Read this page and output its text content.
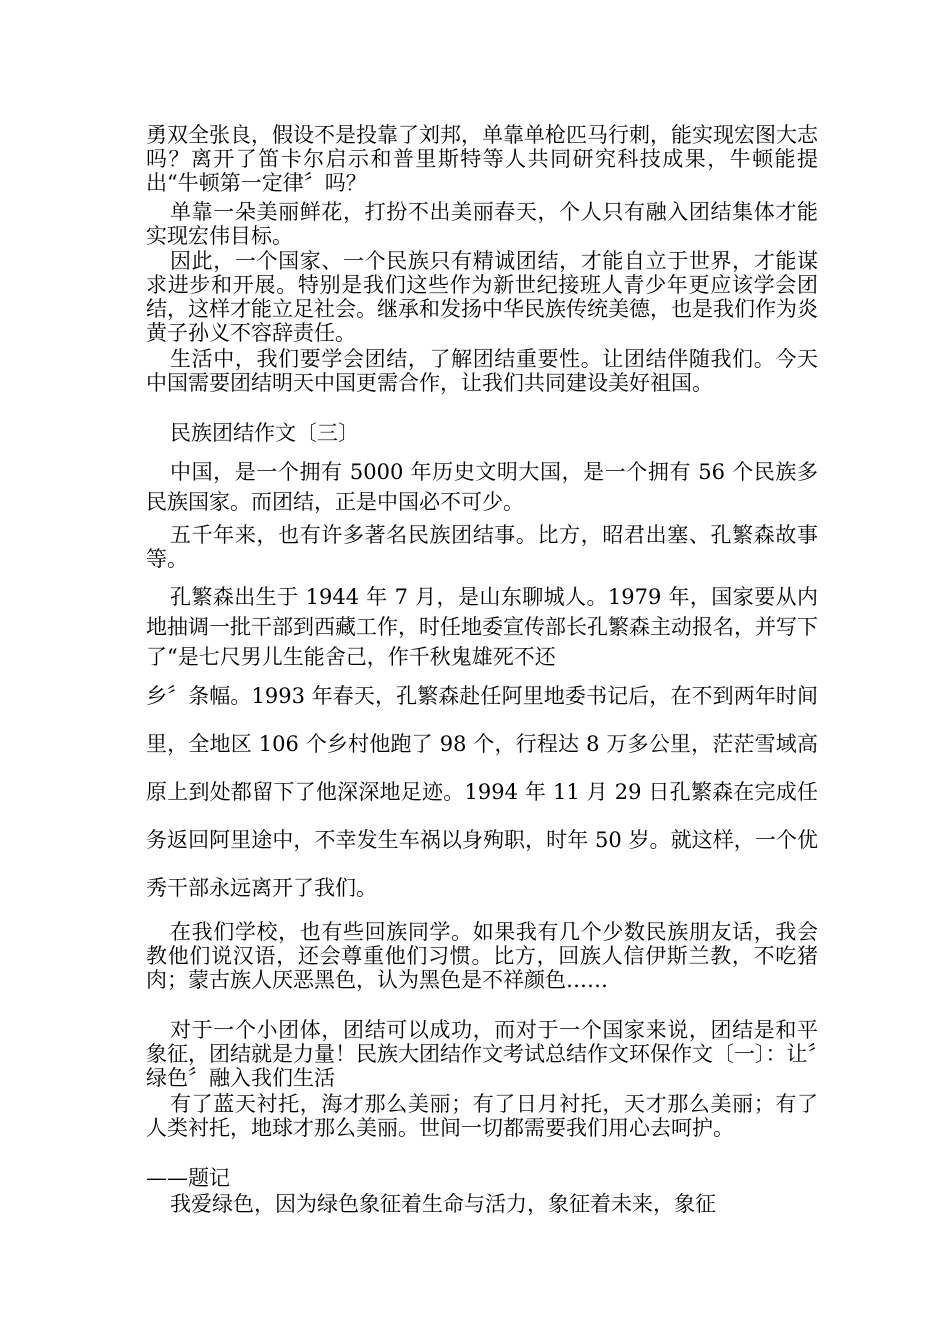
勇双全张良，假设不是投靠了刘邦，单靠单枪匹马行刺，能实现宏图大志吗？离开了笛卡尔启示和普里斯特等人共同研究科技成果，牛顿能提出“牛顿第一定律〞吗？

单靠一朵美丽鲜花，打扮不出美丽春天，个人只有融入团结集体才能实现宏伟目标。

因此，一个国家、一个民族只有精诚团结，才能自立于世界，才能谋求进步和开展。特别是我们这些作为新世纪接班人青少年更应该学会团结，这样才能立足社会。继承和发扬中华民族传统美德，也是我们作为炎黄子孙义不容辞责任。

生活中，我们要学会团结，了解团结重要性。让团结伴随我们。今天中国需要团结明天中国更需合作，让我们共同建设美好祖国。

民族团结作文〔三〕

中国，是一个拥有 5000 年历史文明大国，是一个拥有 56 个民族多民族国家。而团结，正是中国必不可少。

五千年来，也有许多著名民族团结事。比方，昭君出塞、孔繁森故事等。

孔繁森出生于 1944 年 7 月，是山东聊城人。1979 年，国家要从内地抽调一批干部到西藏工作，时任地委宣传部长孔繁森主动报名，并写下了“是七尺男儿生能舍己，作千秋鬼雄死不还

乡〞条幅。1993 年春天，孔繁森赴任阿里地委书记后，在不到两年时间里，全地区 106 个乡村他跑了 98 个，行程达 8 万多公里，茫茫雪域高原上到处都留下了他深深地足迹。1994 年 11 月 29 日孔繁森在完成任务返回阿里途中，不幸发生车祸以身殉职，时年 50 岁。就这样，一个优秀干部永远离开了我们。

在我们学校，也有些回族同学。如果我有几个少数民族朋友话，我会教他们说汉语，还会尊重他们习惯。比方，回族人信伊斯兰教，不吃猪肉；蒙古族人厌恶黑色，认为黑色是不祥颜色……

对于一个小团体，团结可以成功，而对于一个国家来说，团结是和平象征，团结就是力量！民族大团结作文考试总结作文环保作文〔一〕：让〞绿色〞融入我们生活

有了蓝天衬托，海才那么美丽；有了日月衬托，天才那么美丽；有了人类衬托，地球才那么美丽。世间一切都需要我们用心去呵护。

——题记

我爱绿色，因为绿色象征着生命与活力，象征着未来，象征
